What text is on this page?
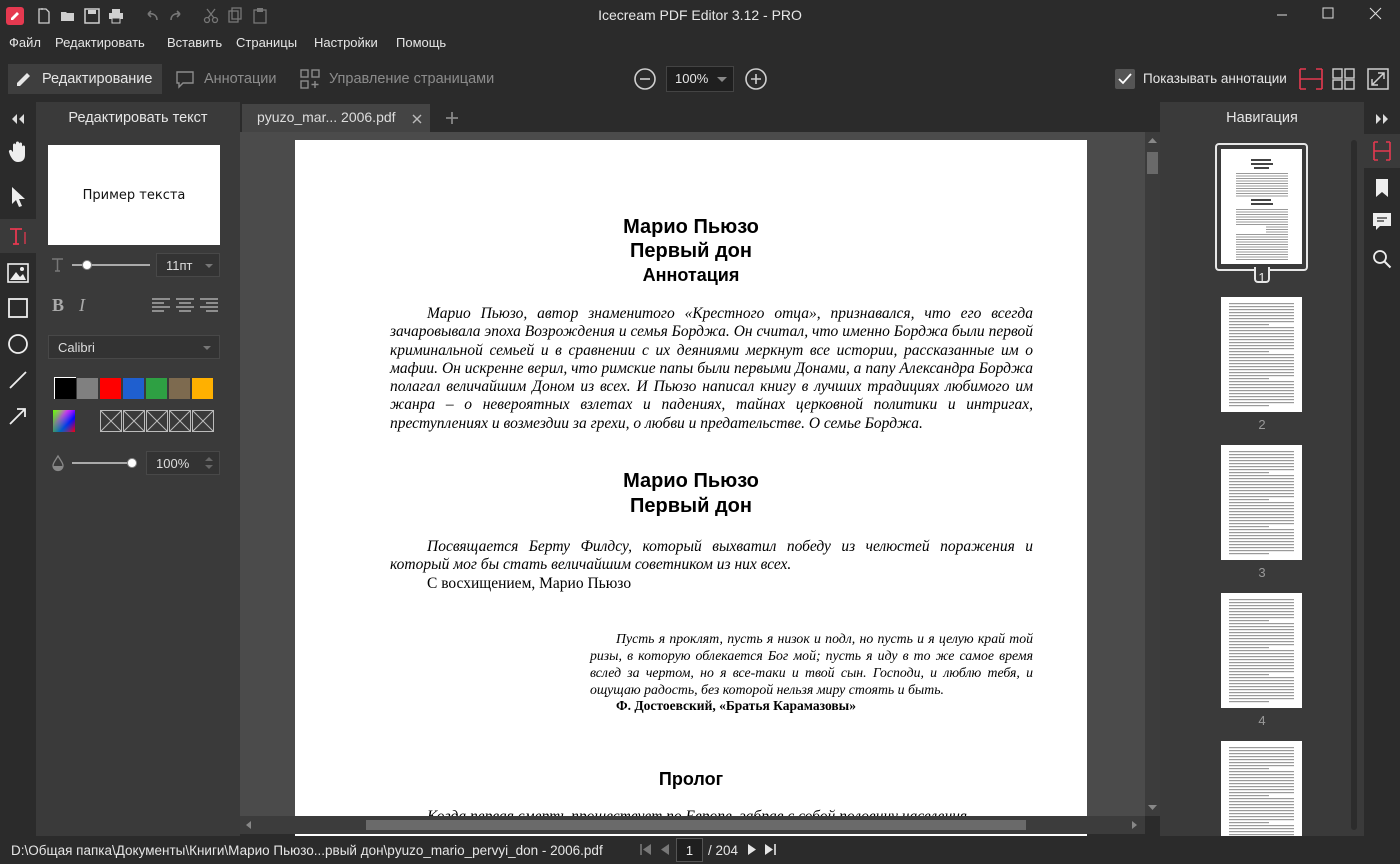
Icecream PDF Editor 3.12 - PRO
Файл Редактировать Вставить Страницы Настройки Помощь
Редактирование	Аннотации	Управление страницами	Показывать аннотации
100%
Редактировать текст
Пример текста
11пт
B I
Calibri
100%
pyuzo_mar... 2006.pdf
Марио Пьюзо
Первый дон
Аннотация
Марио Пьюзо, автор знаменитого «Крестного отца», признавался, что его всегда зачаровывала эпоха Возрождения и семья Борджа. Он считал, что именно Борджа были первой криминальной семьей и в сравнении с их деяниями меркнут все истории, рассказанные им о мафии. Он искренне верил, что римские папы были первыми Донами, а папу Александра Борджа полагал величайшим Доном из всех. И Пьюзо написал книгу в лучших традициях любимого им жанра – о невероятных взлетах и падениях, тайнах церковной политики и интригах, преступлениях и возмездии за грехи, о любви и предательстве. О семье Борджа.
Марио Пьюзо
Первый дон
Посвящается Берту Филдсу, который выхватил победу из челюстей поражения и который мог бы стать величайшим советником из них всех.
С восхищением, Марио Пьюзо
Пусть я проклят, пусть я низок и подл, но пусть и я целую край той ризы, в которую облекается Бог мой; пусть я иду в то же самое время вслед за чертом, но я все-таки и твой сын. Господи, и люблю тебя, и ощущаю радость, без которой нельзя миру стоять и быть.
Ф. Достоевский, «Братья Карамазовы»
Пролог
Навигация
1
2
3
4
D:\Общая папка\Документы\Книги\Марио Пьюзо...рвый дон\pyuzo_mario_pervyi_don - 2006.pdf	/ 204
1
